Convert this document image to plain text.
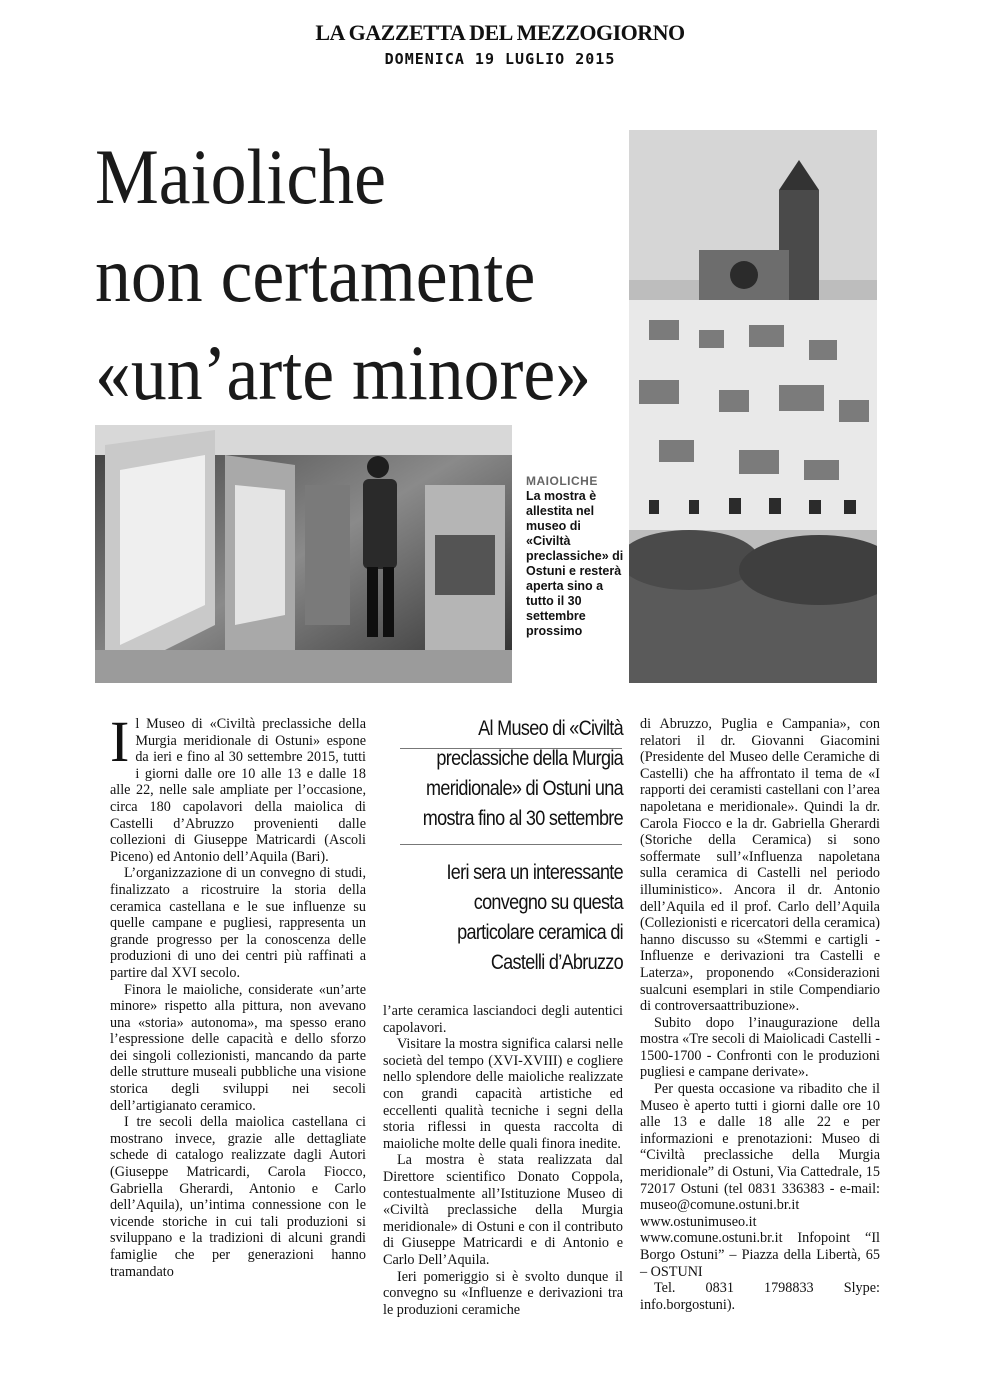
LA GAZZETTA DEL MEZZOGIORNO
DOMENICA 19 LUGLIO 2015
Maioliche
non certamente
«un’arte minore»
MAIOLICHE
La mostra è allestita nel museo di «Civiltà preclassiche» di Ostuni e resterà aperta sino a tutto il 30 settembre prossimo

Il Museo di «Civiltà preclassiche della Murgia meridionale di Ostuni» espone da ieri e fino al 30 settembre 2015, tutti i giorni dalle ore 10 alle 13 e dalle 18 alle 22, nelle sale ampliate per l’occasione, circa 180 capolavori della maiolica di Castelli d’Abruzzo provenienti dalle collezioni di Giuseppe Matricardi (Ascoli Piceno) ed Antonio dell’Aquila (Bari).

L’organizzazione di un convegno di studi, finalizzato a ricostruire la storia della ceramica castellana e le sue influenze su quelle campane e pugliesi, rappresenta un grande progresso per la conoscenza delle produzioni di uno dei centri più raffinati a partire dal XVI secolo.

Finora le maioliche, considerate «un’arte minore» rispetto alla pittura, non avevano una «storia» autonoma», ma spesso erano l’espressione delle capacità e dello sforzo dei singoli collezionisti, mancando da parte delle strutture museali pubbliche una visione storica degli sviluppi nei secoli dell’artigianato ceramico.

I tre secoli della maiolica castellana ci mostrano invece, grazie alle dettagliate schede di catalogo realizzate dagli Autori (Giuseppe Matricardi, Carola Fiocco, Gabriella Gherardi, Antonio e Carlo dell’Aquila), un’intima connessione con le vicende storiche in cui tali produzioni si sviluppano e la tradizioni di alcuni grandi famiglie che per generazioni hanno tramandato

Al Museo di «Civiltà preclassiche della Murgia meridionale» di Ostuni una mostra fino al 30 settembre
Ieri sera un interessante convegno su questa particolare ceramica di Castelli d’Abruzzo

l’arte ceramica lasciandoci degli autentici capolavori.

Visitare la mostra significa calarsi nelle società del tempo (XVI-XVIII) e cogliere nello splendore delle maioliche realizzate con grandi capacità artistiche ed eccellenti qualità tecniche i segni della storia riflessi in questa raccolta di maioliche molte delle quali finora inedite.

La mostra è stata realizzata dal Direttore scientifico Donato Coppola, contestualmente all’Istituzione Museo di «Civiltà preclassiche della Murgia meridionale» di Ostuni e con il contributo di Giuseppe Matricardi e di Antonio e Carlo Dell’Aquila.

Ieri pomeriggio si è svolto dunque il convegno su «Influenze e derivazioni tra le produzioni ceramiche

di Abruzzo, Puglia e Campania», con relatori il dr. Giovanni Giacomini (Presidente del Museo delle Ceramiche di Castelli) che ha affrontato il tema de «I rapporti dei ceramisti castellani con l’area napoletana e meridionale». Quindi la dr. Carola Fiocco e la dr. Gabriella Gherardi (Storiche della Ceramica) si sono soffermate sull’«Influenza napoletana sulla ceramica di Castelli nel periodo illuministico». Ancora il dr. Antonio dell’Aquila ed il prof. Carlo dell’Aquila (Collezionisti e ricercatori della ceramica) hanno discusso su «Stemmi e cartigli - Influenze e derivazioni tra Castelli e Laterza», proponendo «Considerazioni sualcuni esemplari in stile Compendiario di controversaattribuzione».

Subito dopo l’inaugurazione della mostra «Tre secoli di Maiolicadi Castelli - 1500-1700 - Confronti con le produzioni pugliesi e campane derivate».

Per questa occasione va ribadito che il Museo è aperto tutti i giorni dalle ore 10 alle 13 e dalle 18 alle 22 e per informazioni e prenotazioni: Museo di “Civiltà preclassiche della Murgia meridionale” di Ostuni, Via Cattedrale, 15 72017 Ostuni (tel 0831 336383 - e-mail: museo@comune.ostuni.br.it www.ostunimuseo.it www.comune.ostuni.br.it Infopoint “Il Borgo Ostuni” – Piazza della Libertà, 65 – OSTUNI

Tel. 0831 1798833 Slype: info.borgostuni).
